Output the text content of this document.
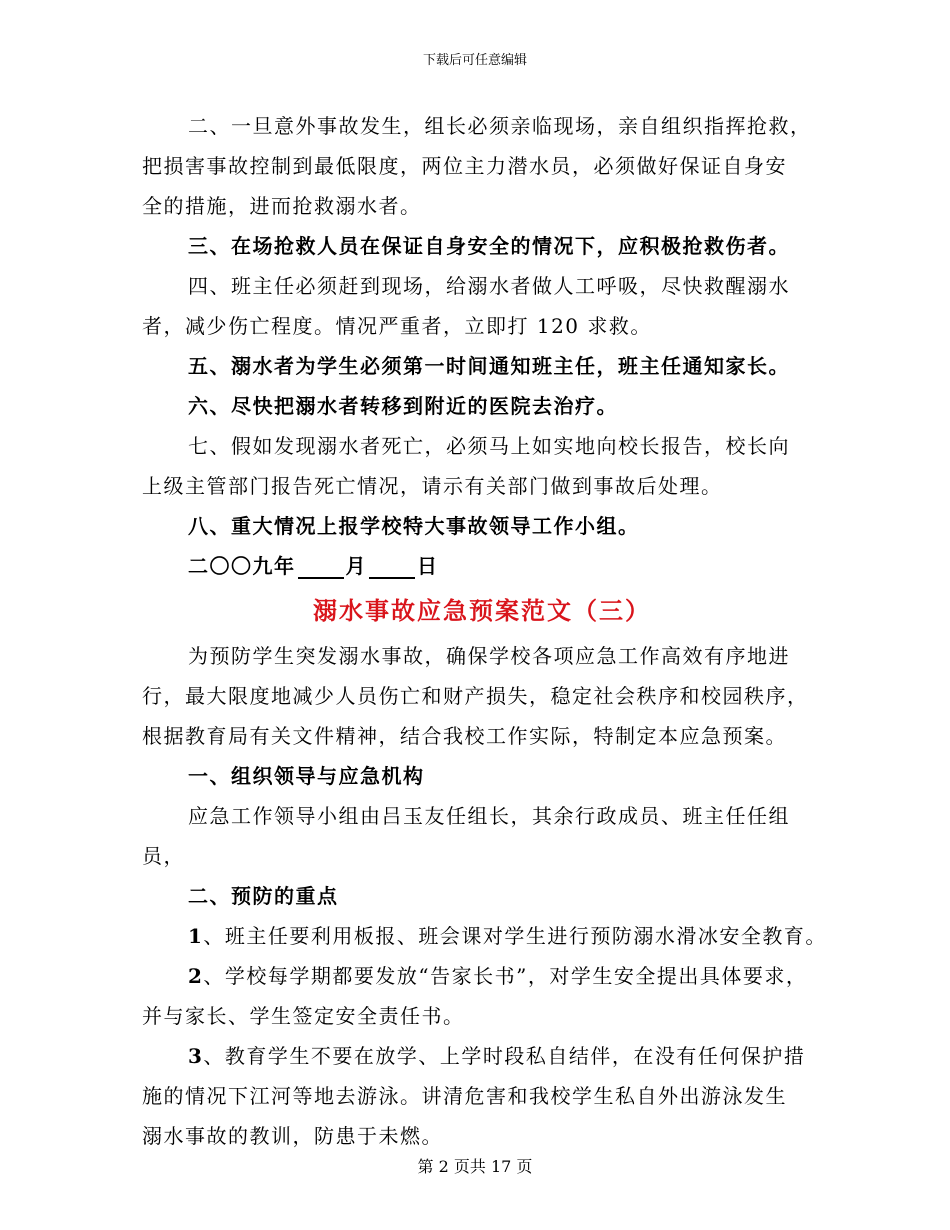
下载后可任意编辑

二、一旦意外事故发生，组长必须亲临现场，亲自组织指挥抢救，

把损害事故控制到最低限度，两位主力潜水员，必须做好保证自身安

全的措施，进而抢救溺水者。

三、在场抢救人员在保证自身安全的情况下，应积极抢救伤者。

四、班主任必须赶到现场，给溺水者做人工呼吸，尽快救醒溺水

者，减少伤亡程度。情况严重者，立即打 120 求救。

五、溺水者为学生必须第一时间通知班主任，班主任通知家长。

六、尽快把溺水者转移到附近的医院去治疗。

七、假如发现溺水者死亡，必须马上如实地向校长报告，校长向

上级主管部门报告死亡情况，请示有关部门做到事故后处理。

八、重大情况上报学校特大事故领导工作小组。

二〇〇九年	月	日

溺水事故应急预案范文（三）

为预防学生突发溺水事故，确保学校各项应急工作高效有序地进

行，最大限度地减少人员伤亡和财产损失，稳定社会秩序和校园秩序，

根据教育局有关文件精神，结合我校工作实际，特制定本应急预案。

一、组织领导与应急机构

应急工作领导小组由吕玉友任组长，其余行政成员、班主任任组

员，

二、预防的重点

1、班主任要利用板报、班会课对学生进行预防溺水滑冰安全教育。

2、学校每学期都要发放“告家长书”，对学生安全提出具体要求，

并与家长、学生签定安全责任书。

3、教育学生不要在放学、上学时段私自结伴，在没有任何保护措

施的情况下江河等地去游泳。讲清危害和我校学生私自外出游泳发生

溺水事故的教训，防患于未燃。

第 2 页共 17 页
